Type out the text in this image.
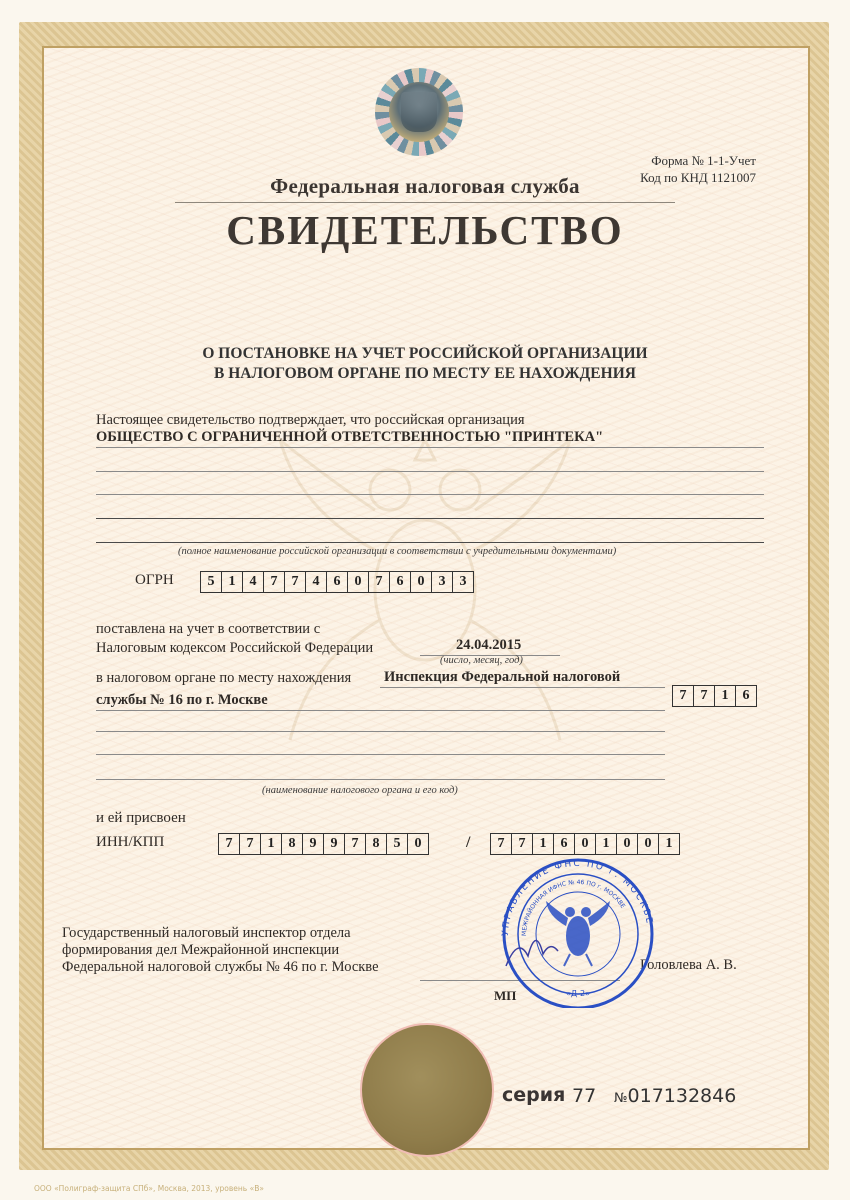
Форма № 1-1-Учет
Код по КНД 1121007
Федеральная налоговая служба
СВИДЕТЕЛЬСТВО
О ПОСТАНОВКЕ НА УЧЕТ РОССИЙСКОЙ ОРГАНИЗАЦИИ
В НАЛОГОВОМ ОРГАНЕ ПО МЕСТУ ЕЕ НАХОЖДЕНИЯ
Настоящее свидетельство подтверждает, что российская организация
ОБЩЕСТВО С ОГРАНИЧЕННОЙ ОТВЕТСТВЕННОСТЬЮ "ПРИНТЕКА"
(полное наименование российской организации в соответствии с учредительными документами)
ОГРН	5	1	4	7	7	4	6	0	7	6	0	3	3
поставлена на учет в соответствии с
Налоговым кодексом Российской Федерации	24.04.2015
(число, месяц, год)
в налоговом органе по месту нахождения Инспекция Федеральной налоговой
службы № 16 по г. Москве	7	7	1	6
(наименование налогового органа и его код)
и ей присвоен
ИНН/КПП	7	7	1	8	9	9	7	8	5	0	/	7	7	1	6	0	1	0	0	1
Государственный налоговый инспектор отдела
формирования дел Межрайонной инспекции
Федеральной налоговой службы № 46 по г. Москве	Головлева А. В.
МП
УПРАВЛЕНИЕ ФНС ПО г. МОСКВЕ
МЕЖРАЙОННАЯ ИФНС № 46 ПО г. МОСКВЕ
«Д-2»
серия 77 №017132846
ООО «Полиграф-защита СПб», Москва, 2013, уровень «В»
